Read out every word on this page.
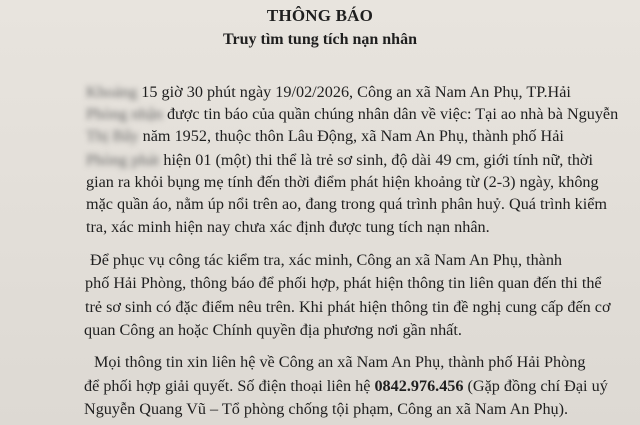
THÔNG BÁO
Truy tìm tung tích nạn nhân
Khoảng 15 giờ 30 phút ngày 19/02/2026, Công an xã Nam An Phụ, TP.Hải
Phòng nhận được tin báo của quần chúng nhân dân về việc: Tại ao nhà bà Nguyễn
Thị Bẩy năm 1952, thuộc thôn Lâu Động, xã Nam An Phụ, thành phố Hải
Phòng phát hiện 01 (một) thi thể là trẻ sơ sinh, độ dài 49 cm, giới tính nữ, thời
gian ra khỏi bụng mẹ tính đến thời điểm phát hiện khoảng từ (2-3) ngày, không
mặc quần áo, nằm úp nổi trên ao, đang trong quá trình phân huỷ. Quá trình kiểm
tra, xác minh hiện nay chưa xác định được tung tích nạn nhân.
Để phục vụ công tác kiểm tra, xác minh, Công an xã Nam An Phụ, thành
phố Hải Phòng, thông báo để phối hợp, phát hiện thông tin liên quan đến thi thể
trẻ sơ sinh có đặc điểm nêu trên. Khi phát hiện thông tin đề nghị cung cấp đến cơ
quan Công an hoặc Chính quyền địa phương nơi gần nhất.
Mọi thông tin xin liên hệ về Công an xã Nam An Phụ, thành phố Hải Phòng
để phối hợp giải quyết. Số điện thoại liên hệ 0842.976.456 (Gặp đồng chí Đại uý
Nguyễn Quang Vũ – Tổ phòng chống tội phạm, Công an xã Nam An Phụ).
